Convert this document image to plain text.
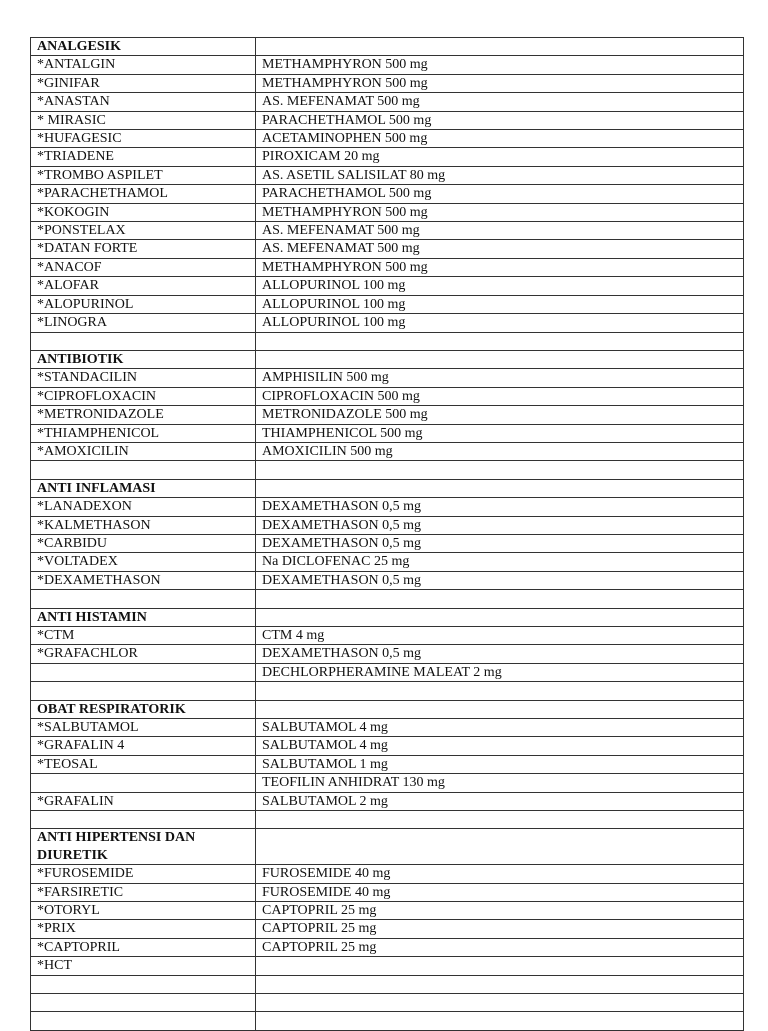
ANALGESIK	
*ANTALGIN	METHAMPHYRON 500 mg
*GINIFAR	METHAMPHYRON 500 mg
*ANASTAN	AS. MEFENAMAT 500 mg
* MIRASIC	PARACHETHAMOL 500 mg
*HUFAGESIC	ACETAMINOPHEN 500 mg
*TRIADENE	PIROXICAM 20 mg
*TROMBO ASPILET	AS. ASETIL SALISILAT 80 mg
*PARACHETHAMOL	PARACHETHAMOL 500 mg
*KOKOGIN	METHAMPHYRON 500 mg
*PONSTELAX	AS. MEFENAMAT 500 mg
*DATAN FORTE	AS. MEFENAMAT 500 mg
*ANACOF	METHAMPHYRON 500 mg
*ALOFAR	ALLOPURINOL 100 mg
*ALOPURINOL	ALLOPURINOL 100 mg
*LINOGRA	ALLOPURINOL 100 mg

ANTIBIOTIK	
*STANDACILIN	AMPHISILIN 500 mg
*CIPROFLOXACIN	CIPROFLOXACIN 500 mg
*METRONIDAZOLE	METRONIDAZOLE 500 mg
*THIAMPHENICOL	THIAMPHENICOL 500 mg
*AMOXICILIN	AMOXICILIN 500 mg

ANTI INFLAMASI	
*LANADEXON	DEXAMETHASON 0,5 mg
*KALMETHASON	DEXAMETHASON 0,5 mg
*CARBIDU	DEXAMETHASON 0,5 mg
*VOLTADEX	Na DICLOFENAC 25 mg
*DEXAMETHASON	DEXAMETHASON 0,5 mg

ANTI HISTAMIN	
*CTM	CTM 4 mg
*GRAFACHLOR	DEXAMETHASON 0,5 mg
	DECHLORPHERAMINE MALEAT 2 mg

OBAT RESPIRATORIK	
*SALBUTAMOL	SALBUTAMOL 4 mg
*GRAFALIN 4	SALBUTAMOL 4 mg
*TEOSAL	SALBUTAMOL 1 mg
	TEOFILIN ANHIDRAT 130 mg
*GRAFALIN	SALBUTAMOL 2 mg

ANTI HIPERTENSI DAN DIURETIK	
*FUROSEMIDE	FUROSEMIDE 40 mg
*FARSIRETIC	FUROSEMIDE 40 mg
*OTORYL	CAPTOPRIL 25 mg
*PRIX	CAPTOPRIL 25 mg
*CAPTOPRIL	CAPTOPRIL 25 mg
*HCT	
